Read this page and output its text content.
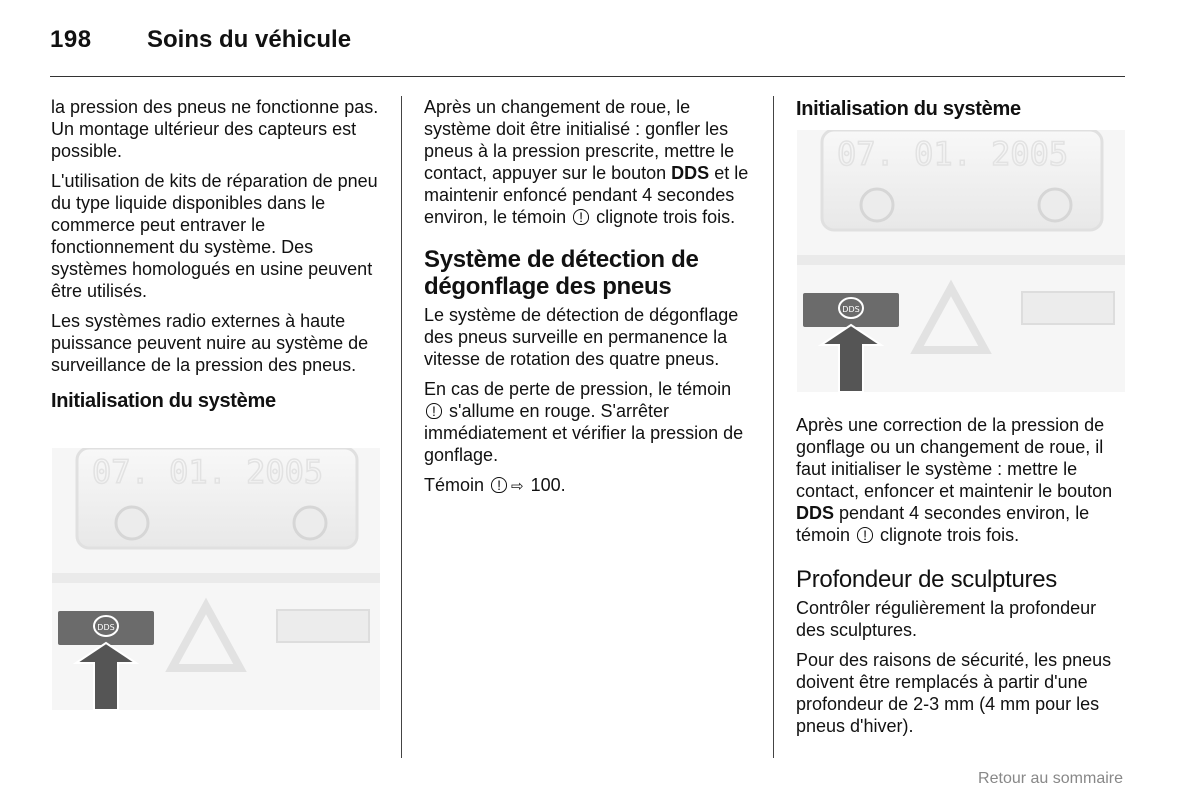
198 Soins du véhicule

la pression des pneus ne fonctionne pas. Un montage ultérieur des capteurs est possible.

L'utilisation de kits de réparation de pneu du type liquide disponibles dans le commerce peut entraver le fonctionnement du système. Des systèmes homologués en usine peuvent être utilisés.

Les systèmes radio externes à haute puissance peuvent nuire au système de surveillance de la pression des pneus.

Initialisation du système
07. 01. 2005
DDS

Après un changement de roue, le système doit être initialisé : gonfler les pneus à la pression prescrite, mettre le contact, appuyer sur le bouton DDS et le maintenir enfoncé pendant 4 secondes environ, le témoin ! clignote trois fois.

Système de détection de dégonflage des pneus

Le système de détection de dégonflage des pneus surveille en permanence la vitesse de rotation des quatre pneus.

En cas de perte de pression, le témoin ! s'allume en rouge. S'arrêter immédiatement et vérifier la pression de gonflage.

Témoin ! ⇨ 100.

Initialisation du système
07. 01. 2005
DDS

Après une correction de la pression de gonflage ou un changement de roue, il faut initialiser le système : mettre le contact, enfoncer et maintenir le bouton DDS pendant 4 secondes environ, le témoin ! clignote trois fois.

Profondeur de sculptures

Contrôler régulièrement la profondeur des sculptures.

Pour des raisons de sécurité, les pneus doivent être remplacés à partir d'une profondeur de 2-3 mm (4 mm pour les pneus d'hiver).

Retour au sommaire
